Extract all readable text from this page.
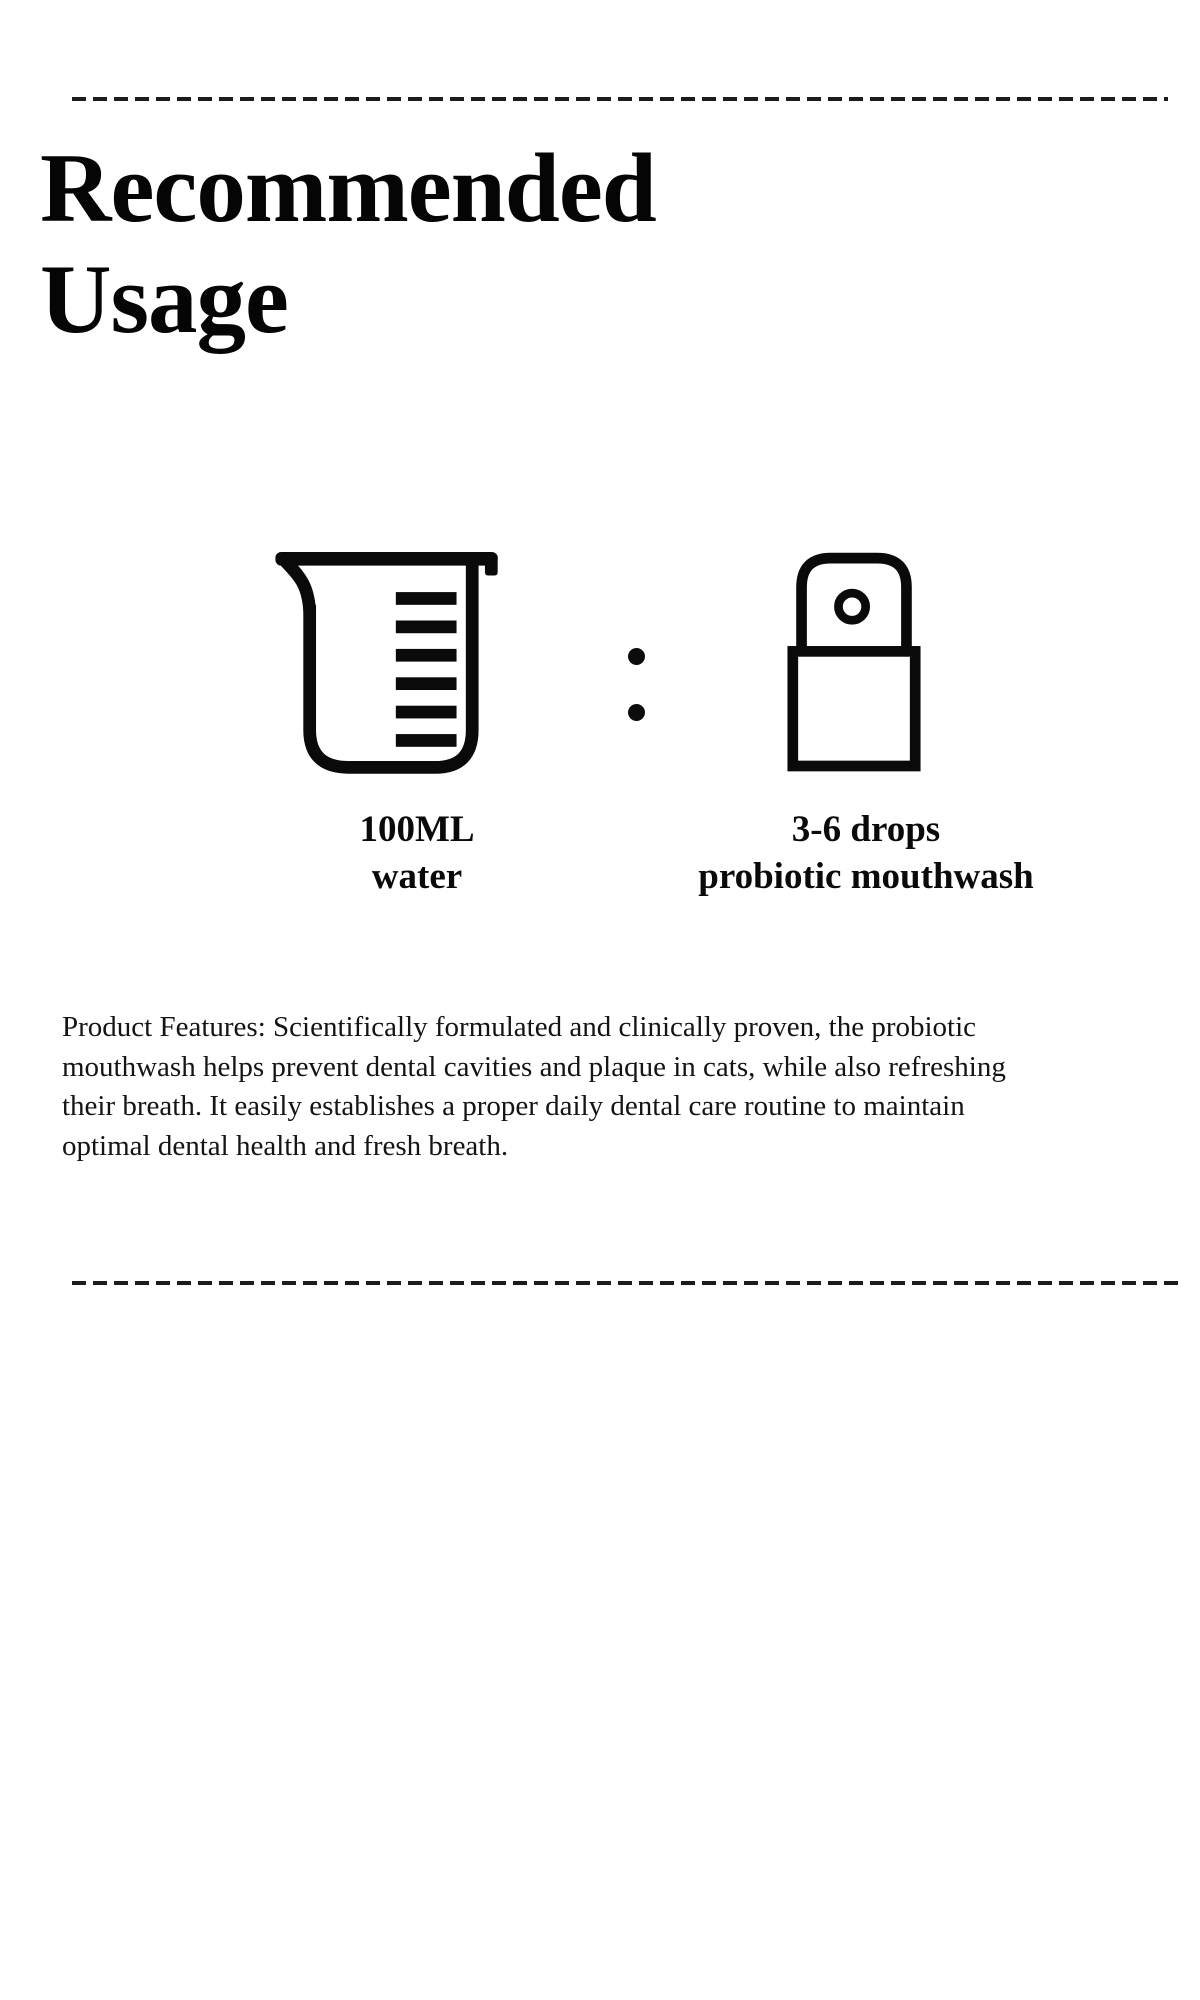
Recommended
Usage
100ML
water
3-6 drops
probiotic mouthwash
Product Features: Scientifically formulated and clinically proven, the probiotic
mouthwash helps prevent dental cavities and plaque in cats, while also refreshing
their breath. It easily establishes a proper daily dental care routine to maintain
optimal dental health and fresh breath.
